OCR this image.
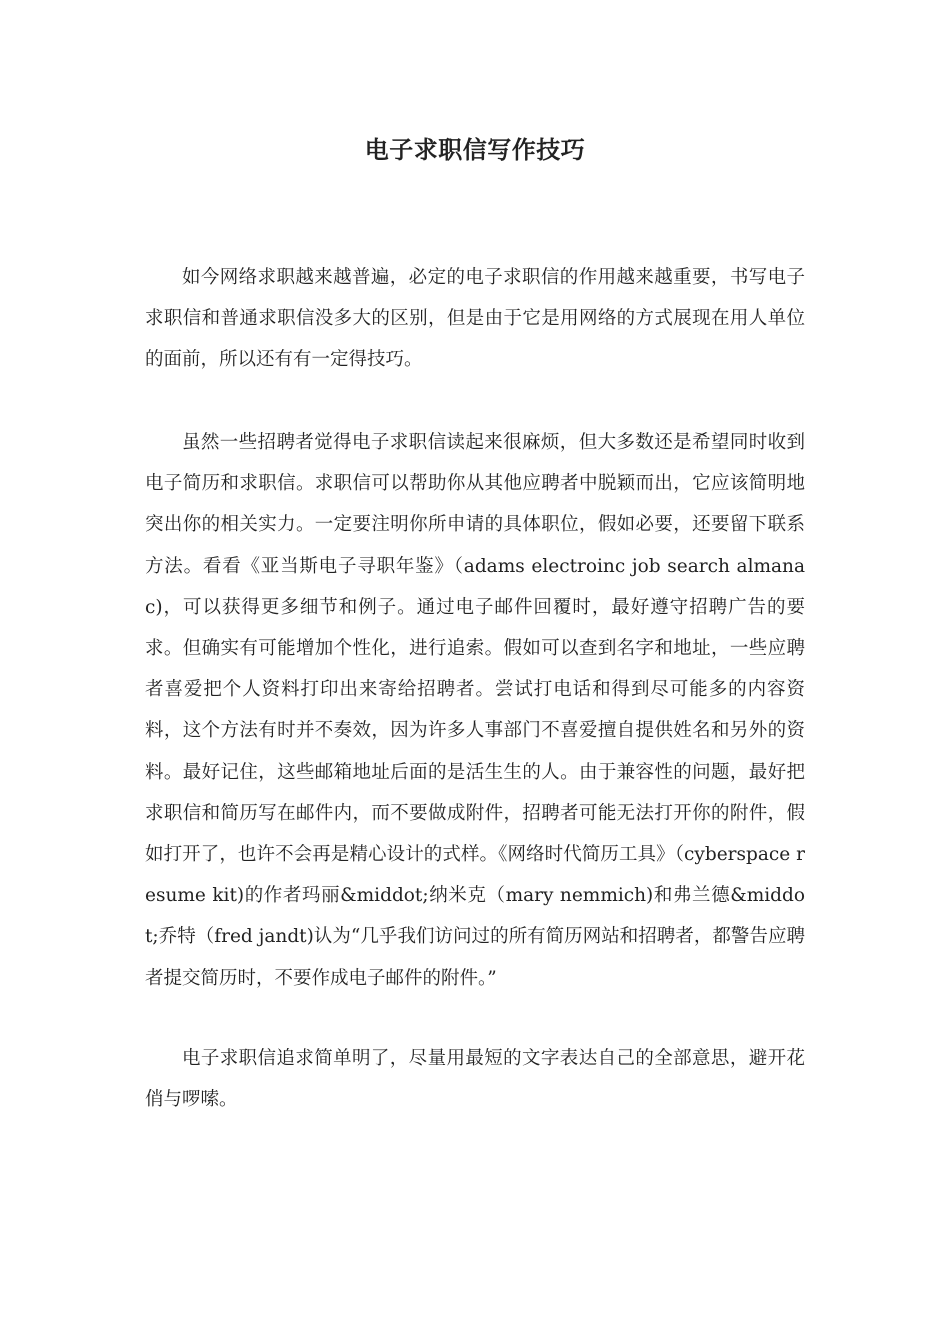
电子求职信写作技巧

如今网络求职越来越普遍，必定的电子求职信的作用越来越重要，书写电子求职信和普通求职信没多大的区别，但是由于它是用网络的方式展现在用人单位的面前，所以还有有一定得技巧。

虽然一些招聘者觉得电子求职信读起来很麻烦，但大多数还是希望同时收到电子简历和求职信。求职信可以帮助你从其他应聘者中脱颖而出，它应该简明地突出你的相关实力。一定要注明你所申请的具体职位，假如必要，还要留下联系方法。看看《亚当斯电子寻职年鉴》（adams electroinc job search almanac)，可以获得更多细节和例子。通过电子邮件回覆时，最好遵守招聘广告的要求。但确实有可能增加个性化，进行追索。假如可以查到名字和地址，一些应聘者喜爱把个人资料打印出来寄给招聘者。尝试打电话和得到尽可能多的内容资料，这个方法有时并不奏效，因为许多人事部门不喜爱擅自提供姓名和另外的资料。最好记住，这些邮箱地址后面的是活生生的人。由于兼容性的问题，最好把求职信和简历写在邮件内，而不要做成附件，招聘者可能无法打开你的附件，假如打开了，也许不会再是精心设计的式样。《网络时代简历工具》（cyberspace resume kit)的作者玛丽&middot;纳米克（mary nemmich)和弗兰德&middot;乔特（fred jandt)认为“几乎我们访问过的所有简历网站和招聘者，都警告应聘者提交简历时，不要作成电子邮件的附件。”

电子求职信追求简单明了，尽量用最短的文字表达自己的全部意思，避开花俏与啰嗦。
